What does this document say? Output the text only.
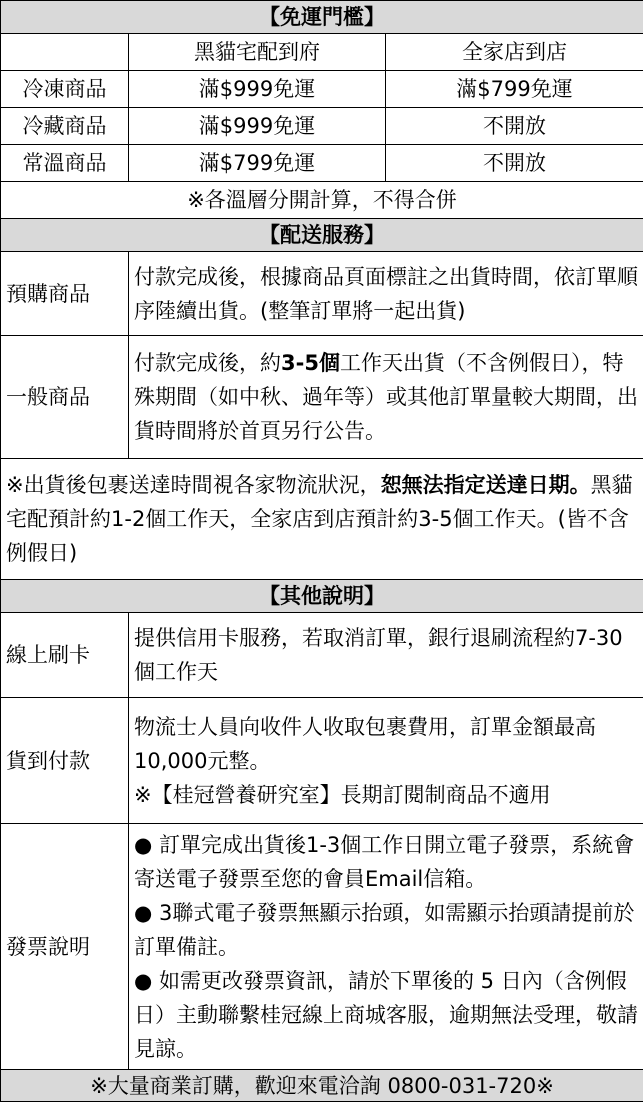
【免運門檻】		
	黑貓宅配到府	全家店到店
冷凍商品	滿$999免運	滿$799免運
冷藏商品	滿$999免運	不開放
常溫商品	滿$799免運	不開放
※各溫層分開計算，不得合併		
【配送服務】		
預購商品	付款完成後，根據商品頁面標註之出貨時間，依訂單順序陸續出貨。(整筆訂單將一起出貨)	
一般商品	付款完成後，約3-5個工作天出貨（不含例假日），特殊期間（如中秋、過年等）或其他訂單量較大期間，出貨時間將於首頁另行公告。	
※出貨後包裹送達時間視各家物流狀況，恕無法指定送達日期。黑貓宅配預計約1-2個工作天，全家店到店預計約3-5個工作天。(皆不含例假日)		
【其他說明】		
線上刷卡	提供信用卡服務，若取消訂單，銀行退刷流程約7-30個工作天	
貨到付款	物流士人員向收件人收取包裹費用，訂單金額最高10,000元整。
※【桂冠營養研究室】長期訂閱制商品不適用	

發票說明	● 訂單完成出貨後1-3個工作日開立電子發票，系統會寄送電子發票至您的會員Email信箱。
● 3聯式電子發票無顯示抬頭，如需顯示抬頭請提前於訂單備註。
● 如需更改發票資訊，請於下單後的 5 日內（含例假日）主動聯繫桂冠線上商城客服，逾期無法受理，敬請見諒。	

※大量商業訂購，歡迎來電洽詢 0800-031-720※		
